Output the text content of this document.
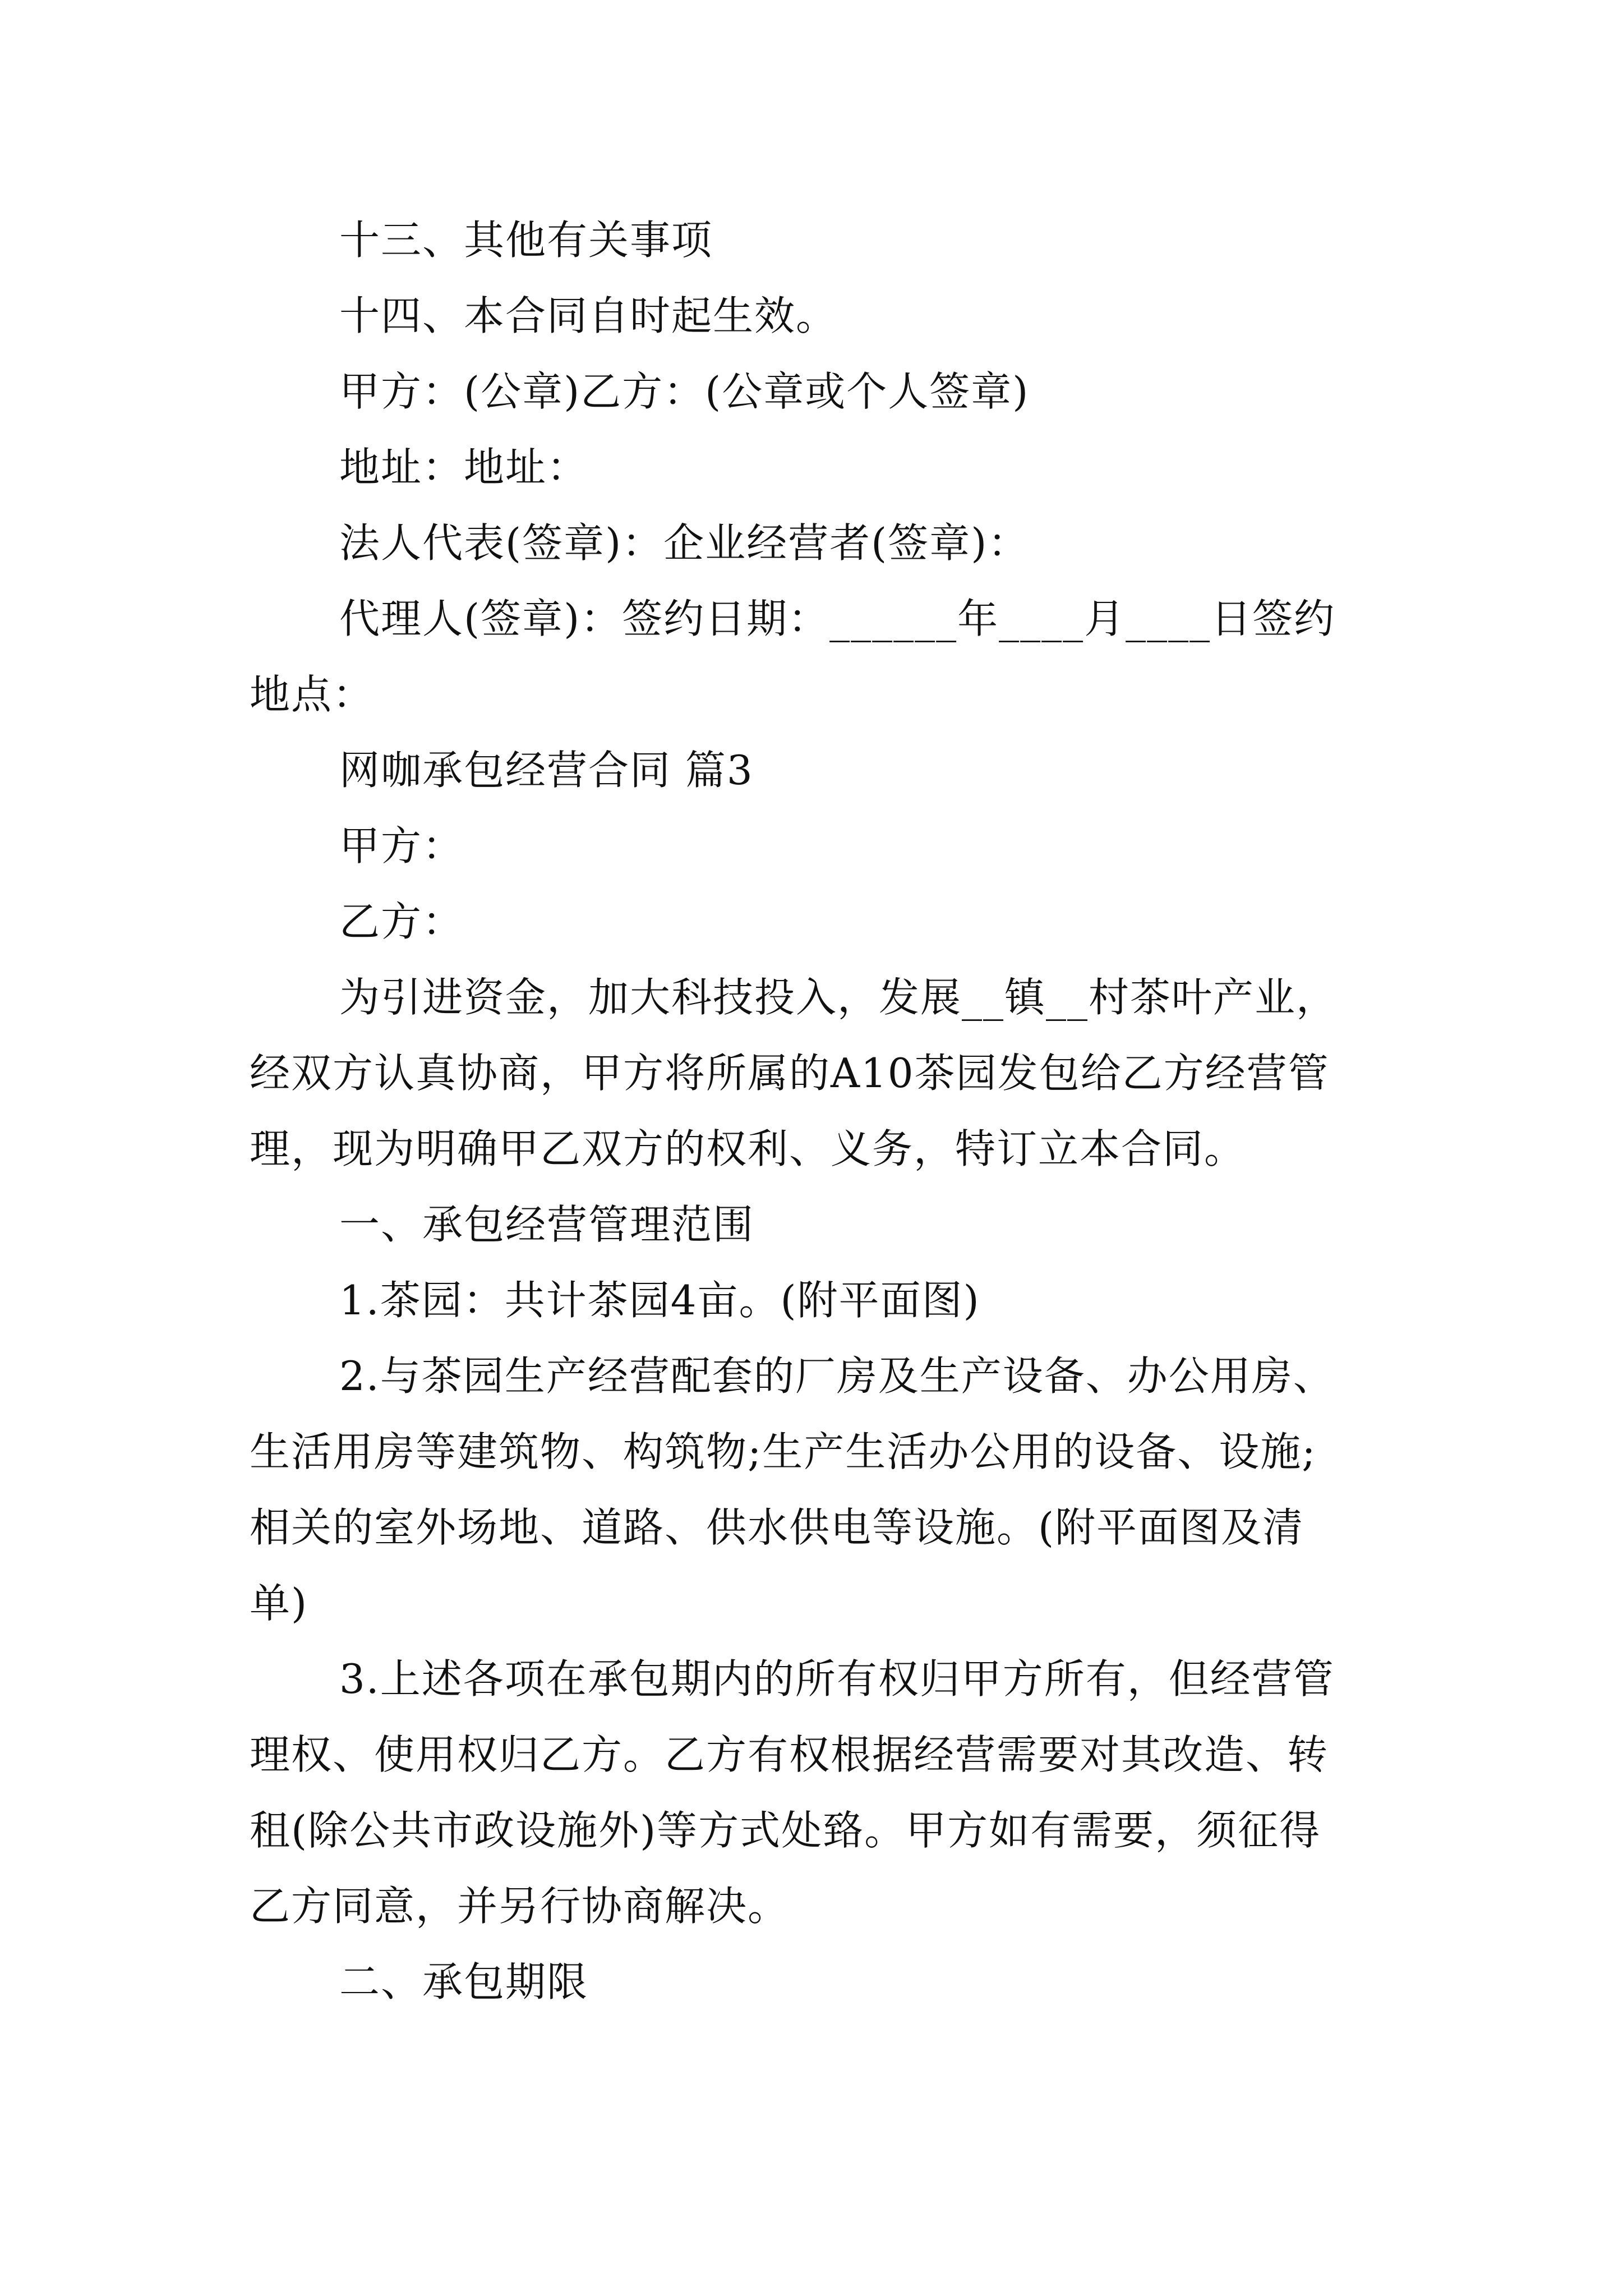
十三、其他有关事项
十四、本合同自时起生效。
甲方：(公章)乙方：(公章或个人签章)
地址：地址：
法人代表(签章)：企业经营者(签章)：
代理人(签章)：签约日期：______年____月____日签约
地点：
网咖承包经营合同 篇3
甲方：
乙方：
为引进资金，加大科技投入，发展__镇__村茶叶产业，
经双方认真协商，甲方将所属的A10茶园发包给乙方经营管
理，现为明确甲乙双方的权利、义务，特订立本合同。
一、承包经营管理范围
1.茶园：共计茶园4亩。(附平面图)
2.与茶园生产经营配套的厂房及生产设备、办公用房、
生活用房等建筑物、构筑物;生产生活办公用的设备、设施;
相关的室外场地、道路、供水供电等设施。(附平面图及清
单)
3.上述各项在承包期内的所有权归甲方所有，但经营管
理权、使用权归乙方。乙方有权根据经营需要对其改造、转
租(除公共市政设施外)等方式处臵。甲方如有需要，须征得
乙方同意，并另行协商解决。
二、承包期限
